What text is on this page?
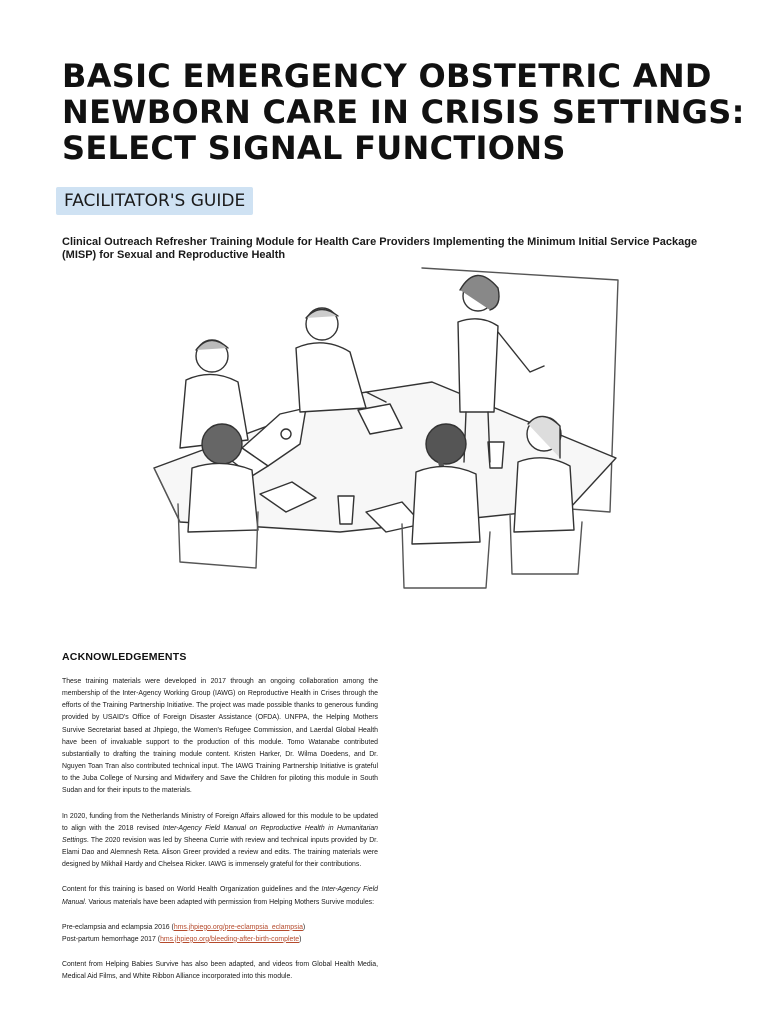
BASIC EMERGENCY OBSTETRIC AND
NEWBORN CARE IN CRISIS SETTINGS:
SELECT SIGNAL FUNCTIONS
FACILITATOR'S GUIDE

Clinical Outreach Refresher Training Module for Health Care Providers Implementing the Minimum Initial Service Package (MISP) for Sexual and Reproductive Health

ACKNOWLEDGEMENTS

These training materials were developed in 2017 through an ongoing collaboration among the membership of the Inter-Agency Working Group (IAWG) on Reproductive Health in Crises through the efforts of the Training Partnership Initiative. The project was made possible thanks to generous funding provided by USAID's Office of Foreign Disaster Assistance (OFDA). UNFPA, the Helping Mothers Survive Secretariat based at Jhpiego, the Women's Refugee Commission, and Laerdal Global Health have been of invaluable support to the production of this module. Tomo Watanabe contributed substantially to drafting the training module content. Kristen Harker, Dr. Wilma Doedens, and Dr. Nguyen Toan Tran also contributed technical input. The IAWG Training Partnership Initiative is grateful to the Juba College of Nursing and Midwifery and Save the Children for piloting this module in South Sudan and for their inputs to the materials.

In 2020, funding from the Netherlands Ministry of Foreign Affairs allowed for this module to be updated to align with the 2018 revised Inter-Agency Field Manual on Reproductive Health in Humanitarian Settings. The 2020 revision was led by Sheena Currie with review and technical inputs provided by Dr. Elami Dao and Alemnesh Reta. Alison Greer provided a review and edits. The training materials were designed by Mikhail Hardy and Chelsea Ricker. IAWG is immensely grateful for their contributions.

Content for this training is based on World Health Organization guidelines and the Inter-Agency Field Manual. Various materials have been adapted with permission from Helping Mothers Survive modules:

Pre-eclampsia and eclampsia 2016 (hms.jhpiego.org/pre-eclampsia_eclampsia)
Post-partum hemorrhage 2017 (hms.jhpiego.org/bleeding-after-birth-complete)

Content from Helping Babies Survive has also been adapted, and videos from Global Health Media, Medical Aid Films, and White Ribbon Alliance incorporated into this module.
